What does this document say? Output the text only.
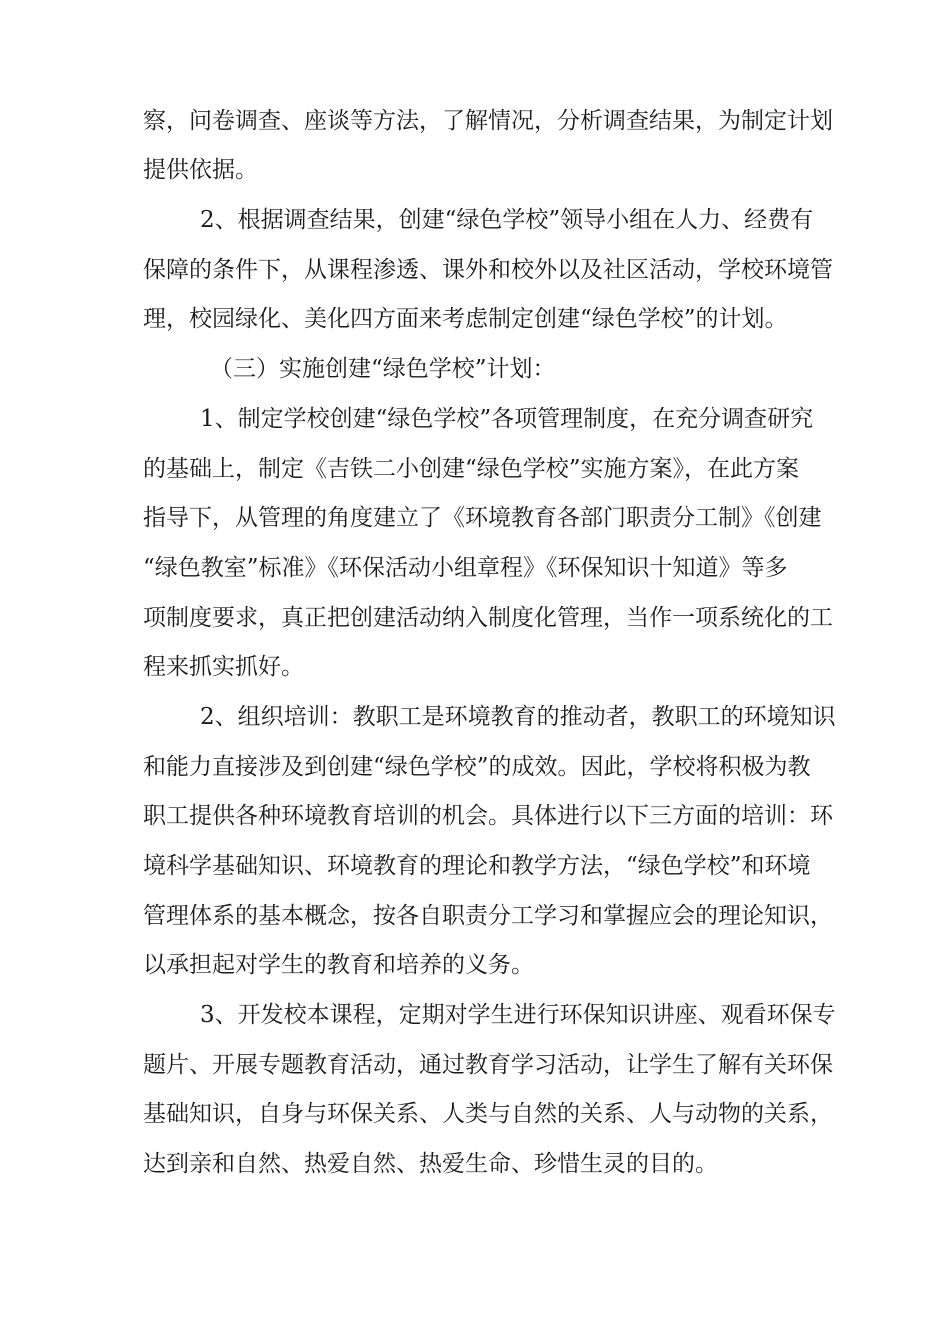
察，问卷调查、座谈等方法，了解情况，分析调查结果，为制定计划
提供依据。
2、根据调查结果，创建“绿色学校”领导小组在人力、经费有
保障的条件下，从课程渗透、课外和校外以及社区活动，学校环境管
理，校园绿化、美化四方面来考虑制定创建“绿色学校”的计划。
（三）实施创建“绿色学校”计划：
1、制定学校创建“绿色学校”各项管理制度，在充分调查研究
的基础上，制定《吉铁二小创建“绿色学校”实施方案》，在此方案
指导下，从管理的角度建立了《环境教育各部门职责分工制》《创建
“绿色教室”标准》《环保活动小组章程》《环保知识十知道》等多
项制度要求，真正把创建活动纳入制度化管理，当作一项系统化的工
程来抓实抓好。
2、组织培训：教职工是环境教育的推动者，教职工的环境知识
和能力直接涉及到创建“绿色学校”的成效。因此，学校将积极为教
职工提供各种环境教育培训的机会。具体进行以下三方面的培训：环
境科学基础知识、环境教育的理论和教学方法，“绿色学校”和环境
管理体系的基本概念，按各自职责分工学习和掌握应会的理论知识，
以承担起对学生的教育和培养的义务。
3、开发校本课程，定期对学生进行环保知识讲座、观看环保专
题片、开展专题教育活动，通过教育学习活动，让学生了解有关环保
基础知识，自身与环保关系、人类与自然的关系、人与动物的关系，
达到亲和自然、热爱自然、热爱生命、珍惜生灵的目的。
